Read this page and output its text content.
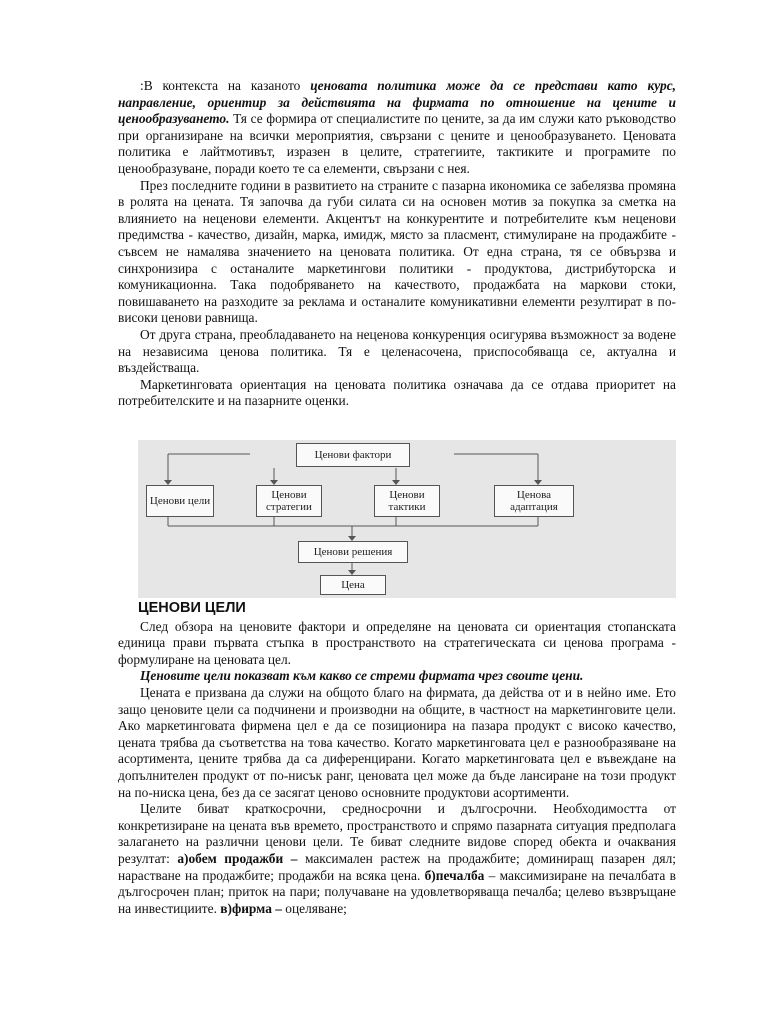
:В контекста на казаното ценовата политика може да се представи като курс, направление, ориентир за действията на фирмата по отношение на цените и ценообразуването. Тя се формира от специалистите по цените, за да им служи като ръководство при организиране на всички мероприятия, свързани с цените и ценообразуването. Ценовата политика е лайтмотивът, изразен в целите, стратегиите, тактиките и програмите по ценообразуване, поради което те са елементи, свързани с нея.

През последните години в развитието на страните с пазарна икономика се забелязва промяна в ролята на цената. Тя започва да губи силата си на основен мотив за покупка за сметка на влиянието на неценови елементи. Акцентът на конкурентите и потребителите към неценови предимства - качество, дизайн, марка, имидж, място за пласмент, стимулиране на продажбите - съвсем не намалява значението на ценовата политика. От една страна, тя се обвързва и синхронизира с останалите маркетингови политики - продуктова, дистрибуторска и комуникационна. Така подобряването на качеството, продажбата на маркови стоки, повишаването на разходите за реклама и останалите комуникативни елементи резултират в по-високи ценови равнища.

От друга страна, преобладаването на неценова конкуренция осигурява възможност за водене на независима ценова политика. Тя е целенасочена, приспособяваща се, актуална и въздействаща.

Маркетинговата ориентация на ценовата политика означава да се отдава приоритет на потребителските и на пазарните оценки.

Ценови фактори
Ценови цели	Ценови стратегии
Ценови тактики
Ценова адаптация
Ценови решения
Цена
ЦЕНОВИ ЦЕЛИ

След обзора на ценовите фактори и определяне на ценовата си ориентация стопанската единица прави първата стъпка в пространството на стратегическата си ценова програма - формулиране на ценовата цел.

Ценовите цели показват към какво се стреми фирмата чрез своите цени.

Цената е призвана да служи на общото благо на фирмата, да действа от и в нейно име. Ето защо ценовите цели са подчинени и производни на общите, в частност на маркетинговите цели. Ако маркетинговата фирмена цел е да се позиционира на пазара продукт с високо качество, цената трябва да съответства на това качество. Когато маркетинговата цел е разнообразяване на асортимента, цените трябва да са диференцирани. Когато маркетинговата цел е въвеждане на допълнителен продукт от по-нисък ранг, ценовата цел може да бъде лансиране на този продукт на по-ниска цена, без да се засягат ценово основните продуктови асортименти.

Целите биват краткосрочни, средносрочни и дългосрочни. Необходимостта от конкретизиране на цената във времето, пространството и спрямо пазарната ситуация предполага залагането на различни ценови цели. Те биват следните видове според обекта и очаквания резултат: а)обем продажби – максимален растеж на продажбите; доминиращ пазарен дял; нарастване на продажбите; продажби на всяка цена. б)печалба – максимизиране на печалбата в дългосрочен план; приток на пари; получаване на удовлетворяваща печалба; целево възвръщане на инвестициите. в)фирма – оцеляване;
